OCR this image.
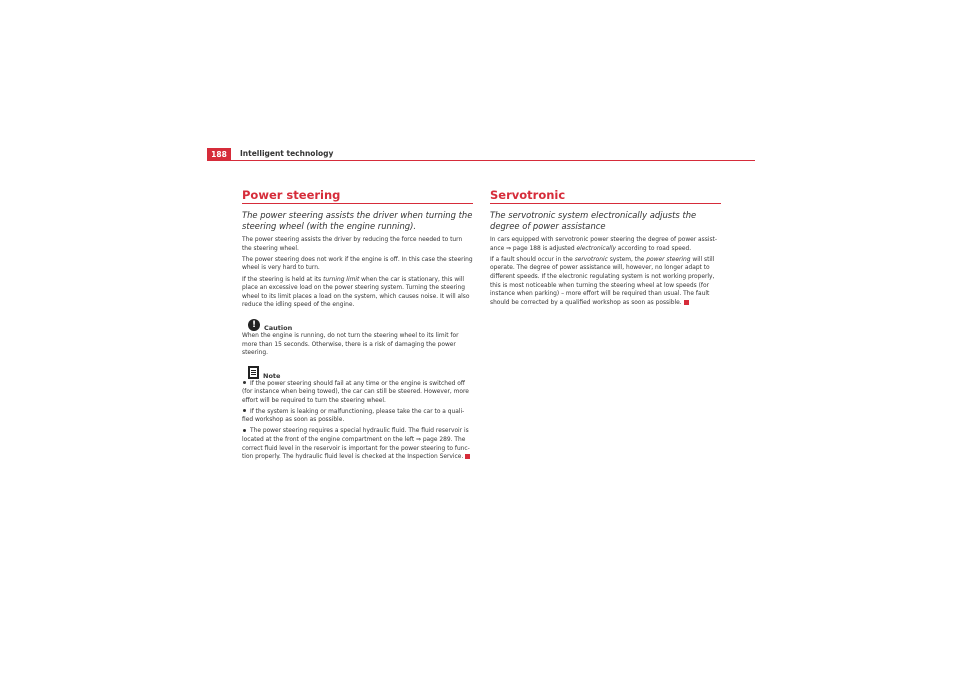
188	Intelligent technology
Power steering
The power steering assists the driver when turning the steering wheel (with the engine running).

The power steering assists the driver by reducing the force needed to turn the steering wheel.

The power steering does not work if the engine is off. In this case the steering wheel is very hard to turn.

If the steering is held at its turning limit when the car is stationary, this will place an excessive load on the power steering system. Turning the steering wheel to its limit places a load on the system, which causes noise. It will also reduce the idling speed of the engine.

!	Caution

When the engine is running, do not turn the steering wheel to its limit for more than 15 seconds. Otherwise, there is a risk of damaging the power steering.

Note

If the power steering should fail at any time or the engine is switched off (for instance when being towed), the car can still be steered. However, more effort will be required to turn the steering wheel.

If the system is leaking or malfunctioning, please take the car to a quali-fied workshop as soon as possible.

The power steering requires a special hydraulic fluid. The fluid reservoir is located at the front of the engine compartment on the left ⇒ page 289. The correct fluid level in the reservoir is important for the power steering to func-tion properly. The hydraulic fluid level is checked at the Inspection Service.

Servotronic
The servotronic system electronically adjusts the degree of power assistance

In cars equipped with servotronic power steering the degree of power assist-ance ⇒ page 188 is adjusted electronically according to road speed.

If a fault should occur in the servotronic system, the power steering will still operate. The degree of power assistance will, however, no longer adapt to different speeds. If the electronic regulating system is not working properly, this is most noticeable when turning the steering wheel at low speeds (for instance when parking) – more effort will be required than usual. The fault should be corrected by a qualified workshop as soon as possible.
